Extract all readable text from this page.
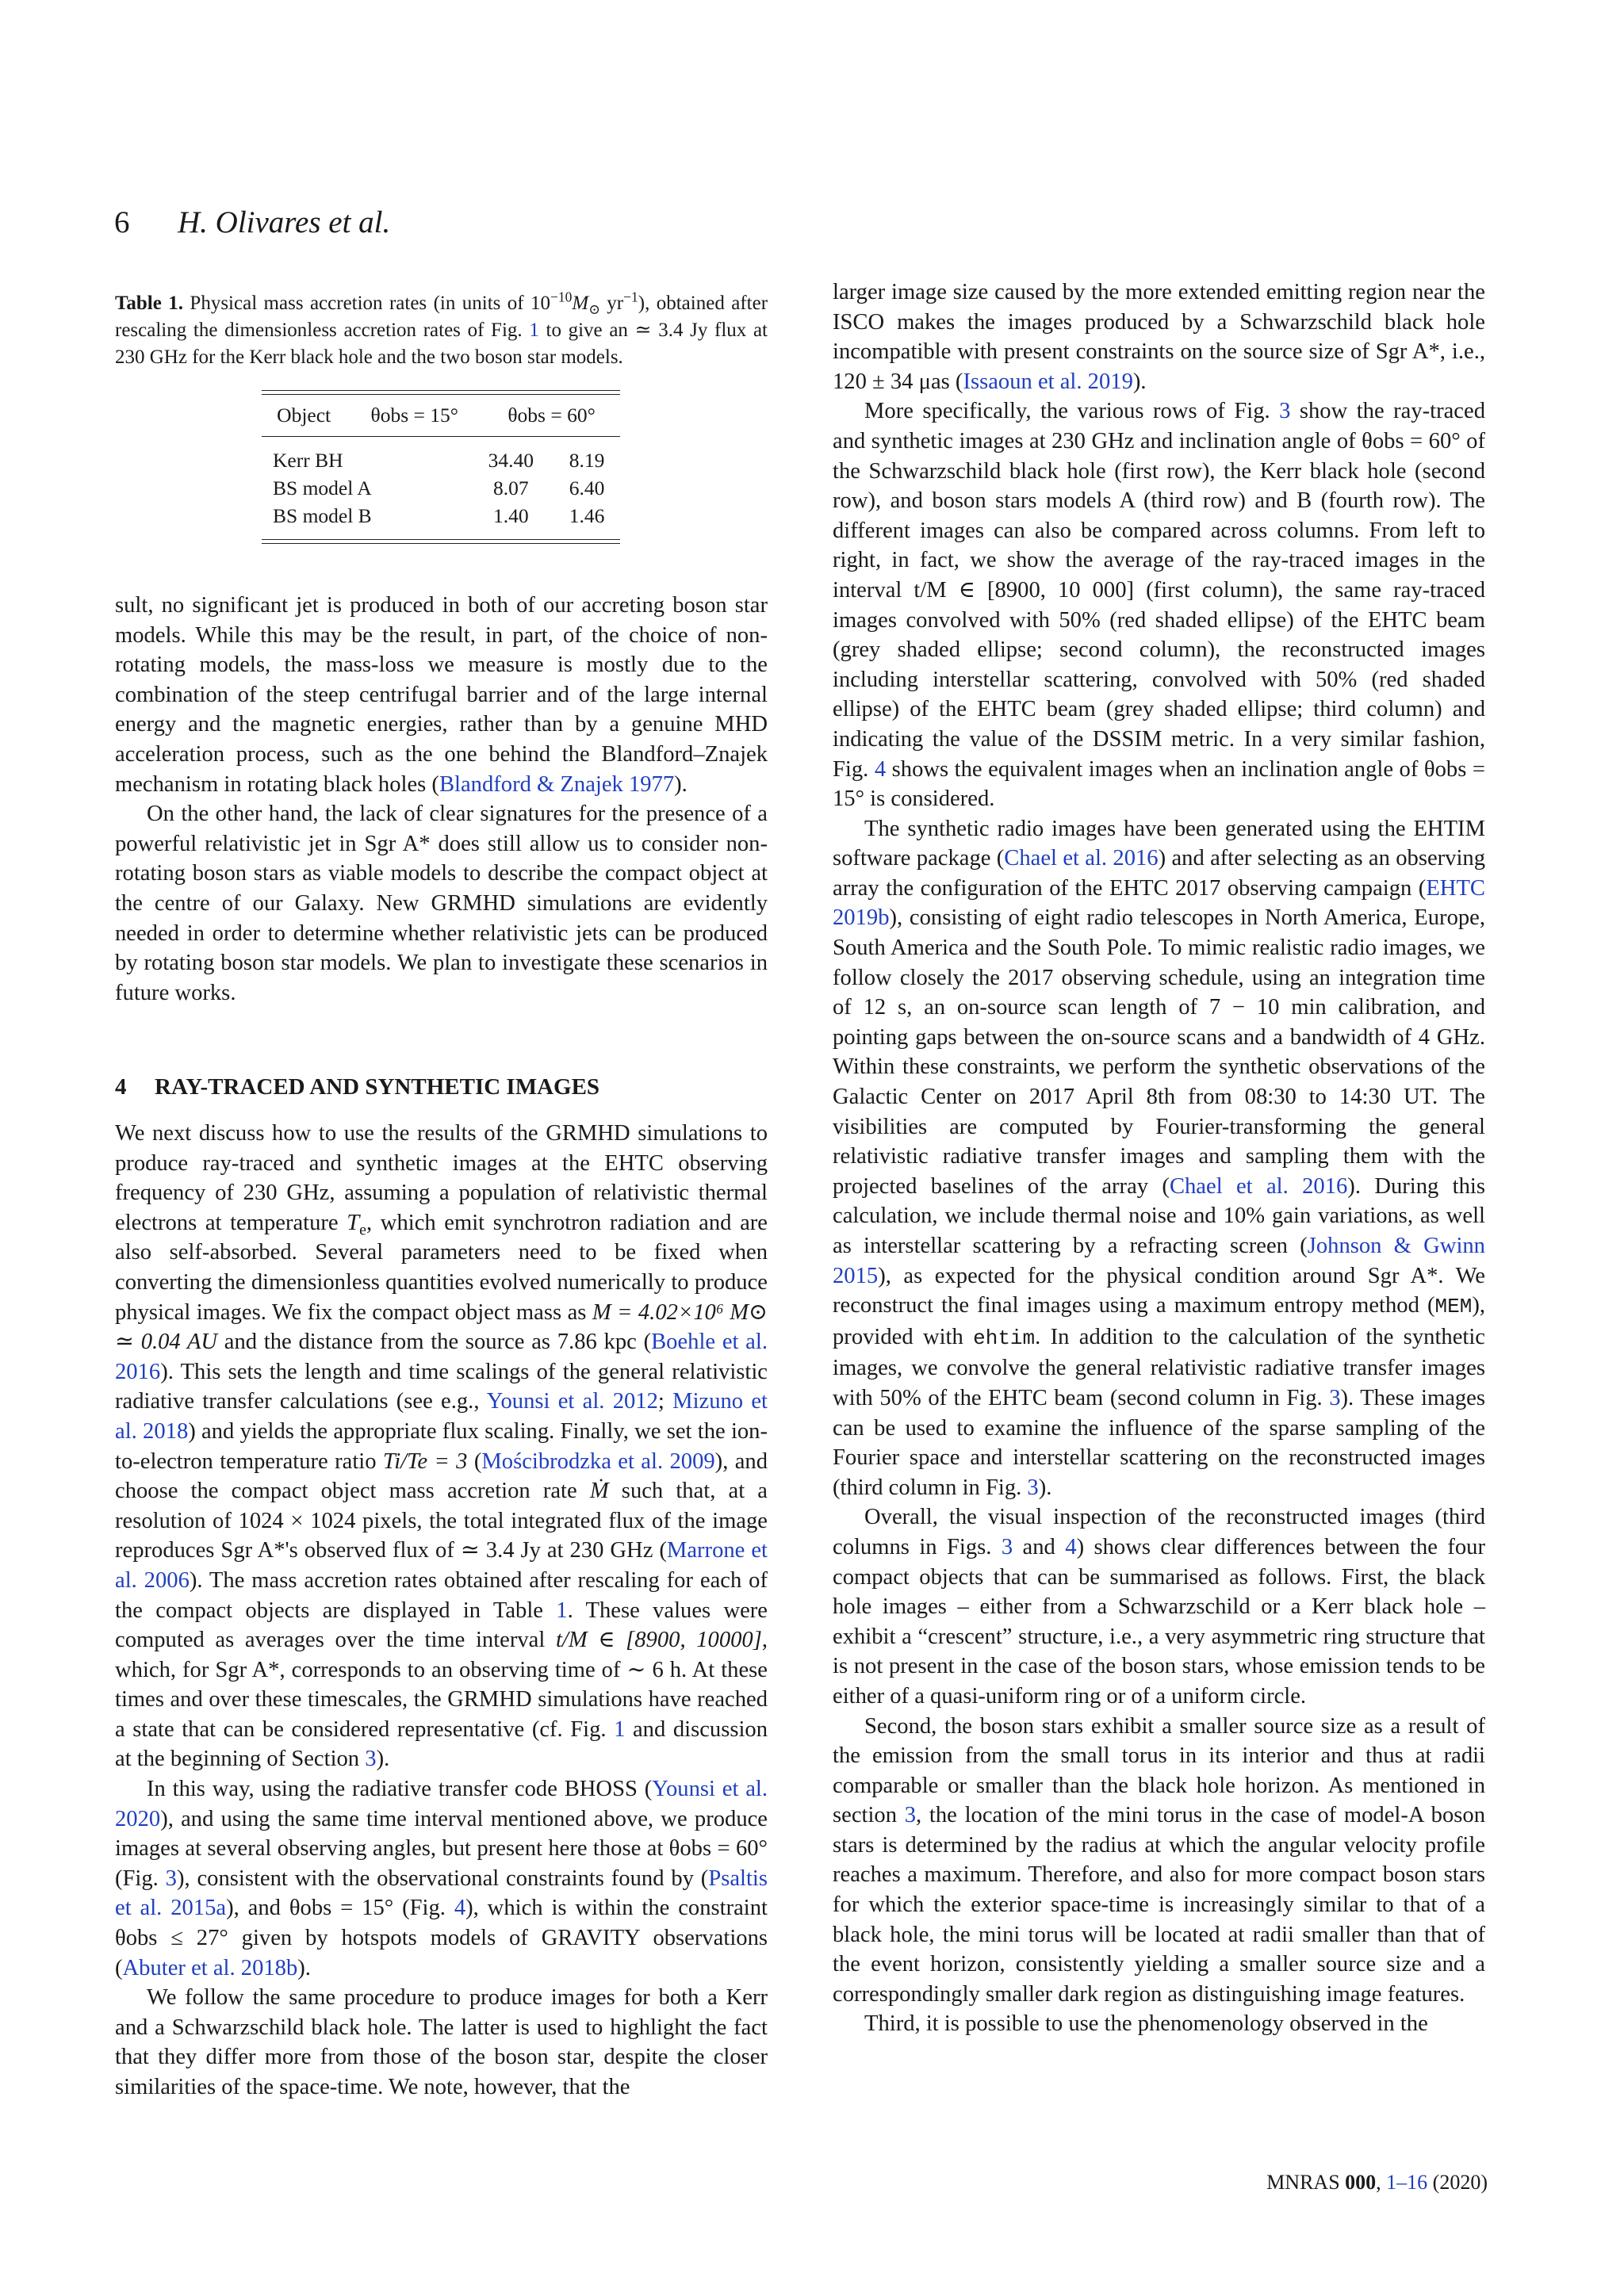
6 H. Olivares et al.
Table 1. Physical mass accretion rates (in units of $10^{-10}M_⊙$ $yr^{-1}$), obtained after rescaling the dimensionless accretion rates of Fig. 1 to give an ≃ 3.4 Jy flux at 230 GHz for the Kerr black hole and the two boson star models.
Object	θobs = 15°	θobs = 60°
Kerr BH	34.40	8.19
BS model A	8.07	6.40
BS model B	1.40	1.46

sult, no significant jet is produced in both of our accreting boson star models. While this may be the result, in part, of the choice of non-rotating models, the mass-loss we measure is mostly due to the combination of the steep centrifugal barrier and of the large internal energy and the magnetic energies, rather than by a genuine MHD acceleration process, such as the one behind the Blandford–Znajek mechanism in rotating black holes (Blandford & Znajek 1977).

On the other hand, the lack of clear signatures for the presence of a powerful relativistic jet in Sgr A* does still allow us to consider non-rotating boson stars as viable models to describe the compact object at the centre of our Galaxy. New GRMHD simulations are evidently needed in order to determine whether relativistic jets can be produced by rotating boson star models. We plan to investigate these scenarios in future works.

4 RAY-TRACED AND SYNTHETIC IMAGES

We next discuss how to use the results of the GRMHD simulations to produce ray-traced and synthetic images at the EHTC observing frequency of 230 GHz, assuming a population of relativistic thermal electrons at temperature $T_e$, which emit synchrotron radiation and are also self-absorbed. Several parameters need to be fixed when converting the dimensionless quantities evolved numerically to produce physical images. We fix the compact object mass as M = 4.02×10⁶ M⊙ ≃ 0.04 AU and the distance from the source as 7.86 kpc (Boehle et al. 2016). This sets the length and time scalings of the general relativistic radiative transfer calculations (see e.g., Younsi et al. 2012; Mizuno et al. 2018) and yields the appropriate flux scaling. Finally, we set the ion-to-electron temperature ratio Ti/Te = 3 (Mościbrodzka et al. 2009), and choose the compact object mass accretion rate Ṁ such that, at a resolution of 1024 × 1024 pixels, the total integrated flux of the image reproduces Sgr A*'s observed flux of ≃ 3.4 Jy at 230 GHz (Marrone et al. 2006). The mass accretion rates obtained after rescaling for each of the compact objects are displayed in Table 1. These values were computed as averages over the time interval t/M ∈ [8900, 10000], which, for Sgr A*, corresponds to an observing time of ∼ 6 h. At these times and over these timescales, the GRMHD simulations have reached a state that can be considered representative (cf. Fig. 1 and discussion at the beginning of Section 3).

In this way, using the radiative transfer code BHOSS (Younsi et al. 2020), and using the same time interval mentioned above, we produce images at several observing angles, but present here those at θobs = 60° (Fig. 3), consistent with the observational constraints found by (Psaltis et al. 2015a), and θobs = 15° (Fig. 4), which is within the constraint θobs ≤ 27° given by hotspots models of GRAVITY observations (Abuter et al. 2018b).

We follow the same procedure to produce images for both a Kerr and a Schwarzschild black hole. The latter is used to highlight the fact that they differ more from those of the boson star, despite the closer similarities of the space-time. We note, however, that the

larger image size caused by the more extended emitting region near the ISCO makes the images produced by a Schwarzschild black hole incompatible with present constraints on the source size of Sgr A*, i.e., 120 ± 34 μas (Issaoun et al. 2019).

More specifically, the various rows of Fig. 3 show the ray-traced and synthetic images at 230 GHz and inclination angle of θobs = 60° of the Schwarzschild black hole (first row), the Kerr black hole (second row), and boson stars models A (third row) and B (fourth row). The different images can also be compared across columns. From left to right, in fact, we show the average of the ray-traced images in the interval t/M ∈ [8900, 10 000] (first column), the same ray-traced images convolved with 50% (red shaded ellipse) of the EHTC beam (grey shaded ellipse; second column), the reconstructed images including interstellar scattering, convolved with 50% (red shaded ellipse) of the EHTC beam (grey shaded ellipse; third column) and indicating the value of the DSSIM metric. In a very similar fashion, Fig. 4 shows the equivalent images when an inclination angle of θobs = 15° is considered.

The synthetic radio images have been generated using the EHTIM software package (Chael et al. 2016) and after selecting as an observing array the configuration of the EHTC 2017 observing campaign (EHTC 2019b), consisting of eight radio telescopes in North America, Europe, South America and the South Pole. To mimic realistic radio images, we follow closely the 2017 observing schedule, using an integration time of 12 s, an on-source scan length of 7 − 10 min calibration, and pointing gaps between the on-source scans and a bandwidth of 4 GHz. Within these constraints, we perform the synthetic observations of the Galactic Center on 2017 April 8th from 08:30 to 14:30 UT. The visibilities are computed by Fourier-transforming the general relativistic radiative transfer images and sampling them with the projected baselines of the array (Chael et al. 2016). During this calculation, we include thermal noise and 10% gain variations, as well as interstellar scattering by a refracting screen (Johnson & Gwinn 2015), as expected for the physical condition around Sgr A*. We reconstruct the final images using a maximum entropy method (MEM), provided with ehtim. In addition to the calculation of the synthetic images, we convolve the general relativistic radiative transfer images with 50% of the EHTC beam (second column in Fig. 3). These images can be used to examine the influence of the sparse sampling of the Fourier space and interstellar scattering on the reconstructed images (third column in Fig. 3).

Overall, the visual inspection of the reconstructed images (third columns in Figs. 3 and 4) shows clear differences between the four compact objects that can be summarised as follows. First, the black hole images – either from a Schwarzschild or a Kerr black hole – exhibit a “crescent” structure, i.e., a very asymmetric ring structure that is not present in the case of the boson stars, whose emission tends to be either of a quasi-uniform ring or of a uniform circle.

Second, the boson stars exhibit a smaller source size as a result of the emission from the small torus in its interior and thus at radii comparable or smaller than the black hole horizon. As mentioned in section 3, the location of the mini torus in the case of model-A boson stars is determined by the radius at which the angular velocity profile reaches a maximum. Therefore, and also for more compact boson stars for which the exterior space-time is increasingly similar to that of a black hole, the mini torus will be located at radii smaller than that of the event horizon, consistently yielding a smaller source size and a correspondingly smaller dark region as distinguishing image features.

Third, it is possible to use the phenomenology observed in the

MNRAS 000, 1–16 (2020)
